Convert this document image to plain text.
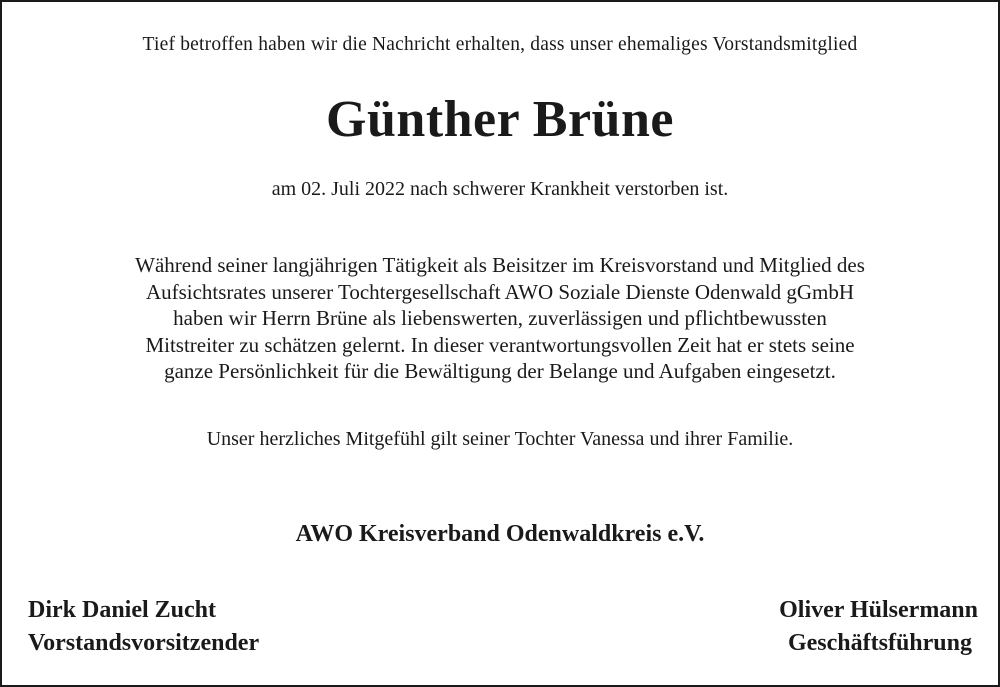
Tief betroffen haben wir die Nachricht erhalten, dass unser ehemaliges Vorstandsmitglied
Günther Brüne
am 02. Juli 2022 nach schwerer Krankheit verstorben ist.
Während seiner langjährigen Tätigkeit als Beisitzer im Kreisvorstand und Mitglied des
Aufsichtsrates unserer Tochtergesellschaft AWO Soziale Dienste Odenwald gGmbH
haben wir Herrn Brüne als liebenswerten, zuverlässigen und pflichtbewussten
Mitstreiter zu schätzen gelernt. In dieser verantwortungsvollen Zeit hat er stets seine
ganze Persönlichkeit für die Bewältigung der Belange und Aufgaben eingesetzt.
Unser herzliches Mitgefühl gilt seiner Tochter Vanessa und ihrer Familie.
AWO Kreisverband Odenwaldkreis e.V.
Dirk Daniel Zucht
Vorstandsvorsitzender
Oliver Hülsermann
Geschäftsführung
